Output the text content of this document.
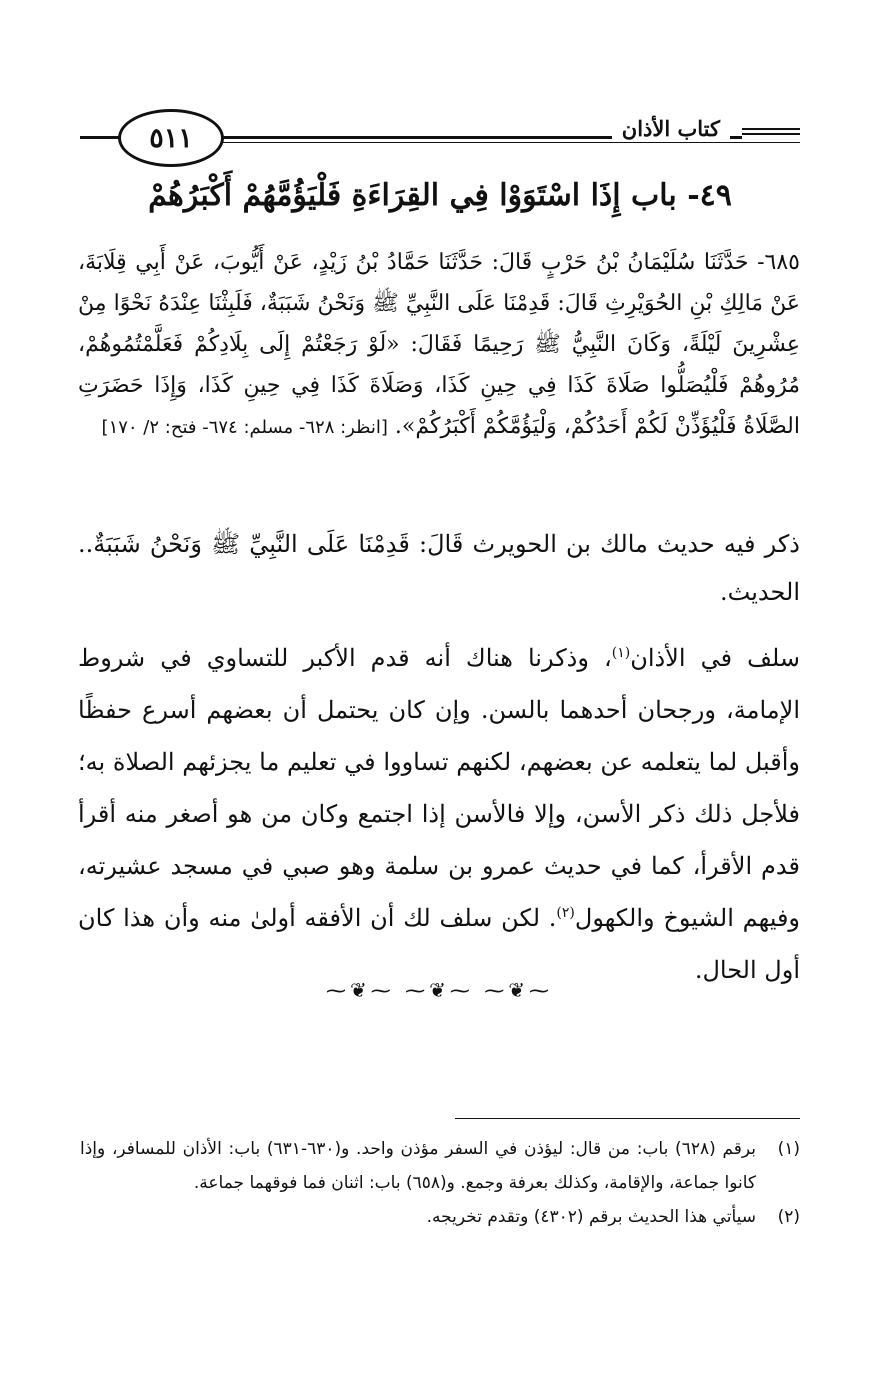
٥١١	كتاب الأذان
٤٩- باب إِذَا اسْتَوَوْا فِي القِرَاءَةِ فَلْيَؤُمَّهُمْ أَكْبَرُهُمْ
٦٨٥- حَدَّثَنَا سُلَيْمَانُ بْنُ حَرْبٍ قَالَ: حَدَّثَنَا حَمَّادُ بْنُ زَيْدٍ، عَنْ أَيُّوبَ، عَنْ أَبِي قِلَابَةَ، عَنْ مَالِكِ بْنِ الحُوَيْرِثِ قَالَ: قَدِمْنَا عَلَى النَّبِيِّ ﷺ وَنَحْنُ شَبَبَةٌ، فَلَبِثْنَا عِنْدَهُ نَحْوًا مِنْ عِشْرِينَ لَيْلَةً، وَكَانَ النَّبِيُّ ﷺ رَحِيمًا فَقَالَ: «لَوْ رَجَعْتُمْ إِلَى بِلَادِكُمْ فَعَلَّمْتُمُوهُمْ، مُرُوهُمْ فَلْيُصَلُّوا صَلَاةَ كَذَا فِي حِينِ كَذَا، وَصَلَاةَ كَذَا فِي حِينِ كَذَا، وَإِذَا حَضَرَتِ الصَّلَاةُ فَلْيُؤَذِّنْ لَكُمْ أَحَدُكُمْ، وَلْيَؤُمَّكُمْ أَكْبَرُكُمْ». [انظر: ٦٢٨- مسلم: ٦٧٤- فتح: ٢/ ١٧٠]

ذكر فيه حديث مالك بن الحويرث قَالَ: قَدِمْنَا عَلَى النَّبِيِّ ﷺ وَنَحْنُ شَبَبَةٌ.. الحديث.

سلف في الأذان$^{(١)}$، وذكرنا هناك أنه قدم الأكبر للتساوي في شروط الإمامة، ورجحان أحدهما بالسن. وإن كان يحتمل أن بعضهم أسرع حفظًا وأقبل لما يتعلمه عن بعضهم، لكنهم تساووا في تعليم ما يجزئهم الصلاة به؛ فلأجل ذلك ذكر الأسن، وإلا فالأسن إذا اجتمع وكان من هو أصغر منه أقرأ قدم الأقرأ، كما في حديث عمرو بن سلمة وهو صبي في مسجد عشيرته، وفيهم الشيوخ والكهول$^{(٢)}$. لكن سلف لك أن الأفقه أولىٰ منه وأن هذا كان أول الحال.

⁓❦⁓ ⁓❦⁓ ⁓❦⁓
(١)
برقم (٦٢٨) باب: من قال: ليؤذن في السفر مؤذن واحد. و(٦٣٠-٦٣١) باب: الأذان للمسافر، وإذا كانوا جماعة، والإقامة، وكذلك بعرفة وجمع. و(٦٥٨) باب: اثنان فما فوقهما جماعة.
(٢)
سيأتي هذا الحديث برقم (٤٣٠٢) وتقدم تخريجه.
